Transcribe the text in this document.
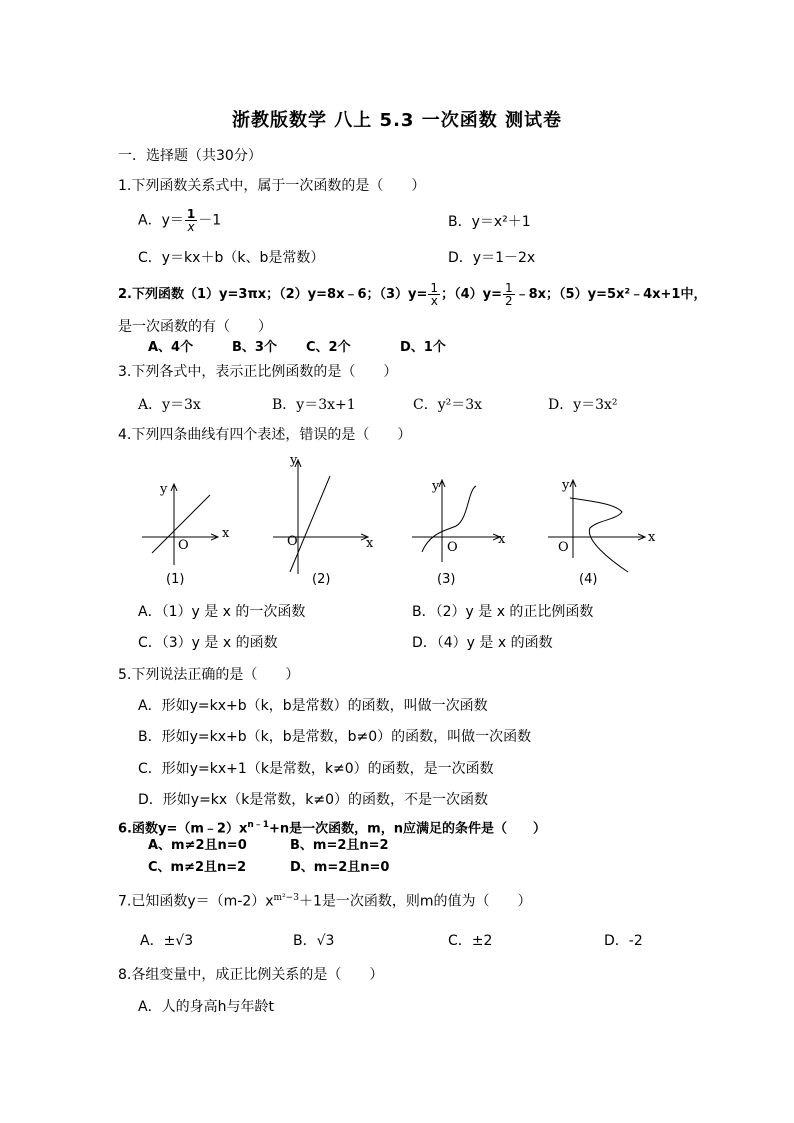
浙教版数学 八上 5.3 一次函数 测试卷
一．选择题（共30分）
1.下列函数关系式中，属于一次函数的是（　　）
A．$y= \frac{1}{x} -1$	B．y＝x²＋1
C．y＝kx＋b（k、b是常数）	D．y＝1－2x
2.下列函数（1）y=3πx；（2）y=8x﹣6；$(3)y= \frac{1}{x}$ ；$(4)y= \frac{1}{2}$ ﹣8x；（5）y=5x²﹣4x+1中，
是一次函数的有（　　）
A、4个	B、3个 C、2个	D、1个
3.下列各式中，表示正比例函数的是（　　）
A．y＝3x	B．y＝3x+1	C．y²＝3x	D．y＝3x²
4.下列四条曲线有四个表述，错误的是（　　）
y
x
O
y
x
O
y
x
O
y
x
O
(1)	(2)	(3)	(4)
A．（1）y 是 x 的一次函数	B．（2）y 是 x 的正比例函数
C．（3）y 是 x 的函数	D．（4）y 是 x 的函数
5.下列说法正确的是（　　）
A．形如y=kx+b（k，b是常数）的函数，叫做一次函数
B．形如y=kx+b（k，b是常数，b≠0）的函数，叫做一次函数
C．形如y=kx+1（k是常数，k≠0）的函数，是一次函数
D．形如y=kx（k是常数，k≠0）的函数，不是一次函数
6.函数$y=(m﹣2)x^{n﹣1}+n$是一次函数，m，n应满足的条件是（　　）
A、m≠2且n=0	B、m=2且n=2
C、m≠2且n=2	D、m=2且n=0
7.已知函数$y=(m-2)x^{m^2-3}+1$是一次函数，则m的值为（　　）
A．±√3	B．√3	C．±2	D．-2
8.各组变量中，成正比例关系的是（　　）
A．人的身高h与年龄t
